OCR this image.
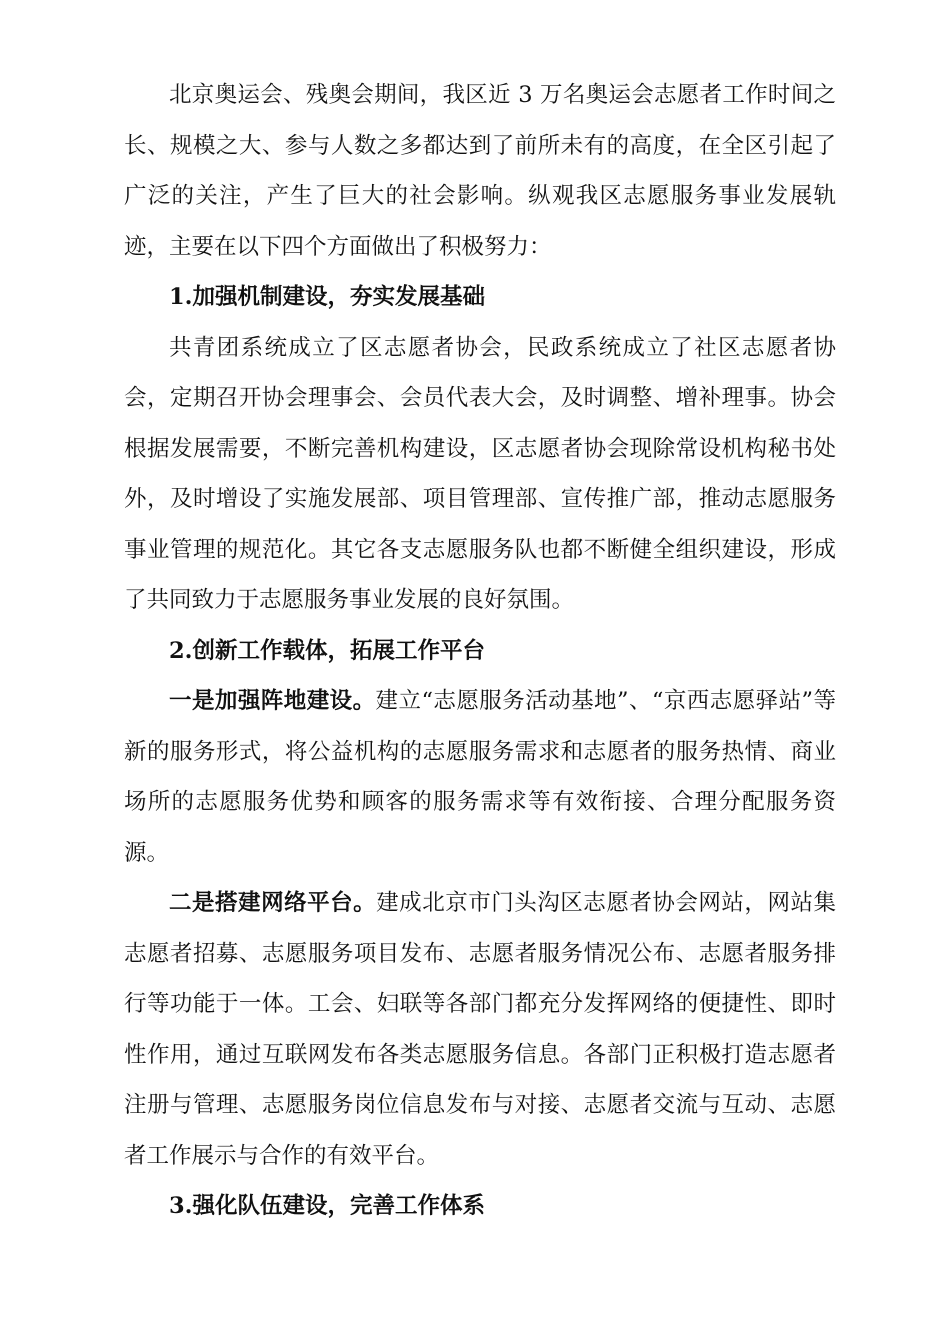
北京奥运会、残奥会期间，我区近 3 万名奥运会志愿者工作时间之长、规模之大、参与人数之多都达到了前所未有的高度，在全区引起了广泛的关注，产生了巨大的社会影响。纵观我区志愿服务事业发展轨迹，主要在以下四个方面做出了积极努力：

1.加强机制建设，夯实发展基础

共青团系统成立了区志愿者协会，民政系统成立了社区志愿者协会，定期召开协会理事会、会员代表大会，及时调整、增补理事。协会根据发展需要，不断完善机构建设，区志愿者协会现除常设机构秘书处外，及时增设了实施发展部、项目管理部、宣传推广部，推动志愿服务事业管理的规范化。其它各支志愿服务队也都不断健全组织建设，形成了共同致力于志愿服务事业发展的良好氛围。

2.创新工作载体，拓展工作平台

一是加强阵地建设。建立“志愿服务活动基地”、“京西志愿驿站”等新的服务形式，将公益机构的志愿服务需求和志愿者的服务热情、商业场所的志愿服务优势和顾客的服务需求等有效衔接、合理分配服务资源。

二是搭建网络平台。建成北京市门头沟区志愿者协会网站，网站集志愿者招募、志愿服务项目发布、志愿者服务情况公布、志愿者服务排行等功能于一体。工会、妇联等各部门都充分发挥网络的便捷性、即时性作用，通过互联网发布各类志愿服务信息。各部门正积极打造志愿者注册与管理、志愿服务岗位信息发布与对接、志愿者交流与互动、志愿者工作展示与合作的有效平台。

3.强化队伍建设，完善工作体系
